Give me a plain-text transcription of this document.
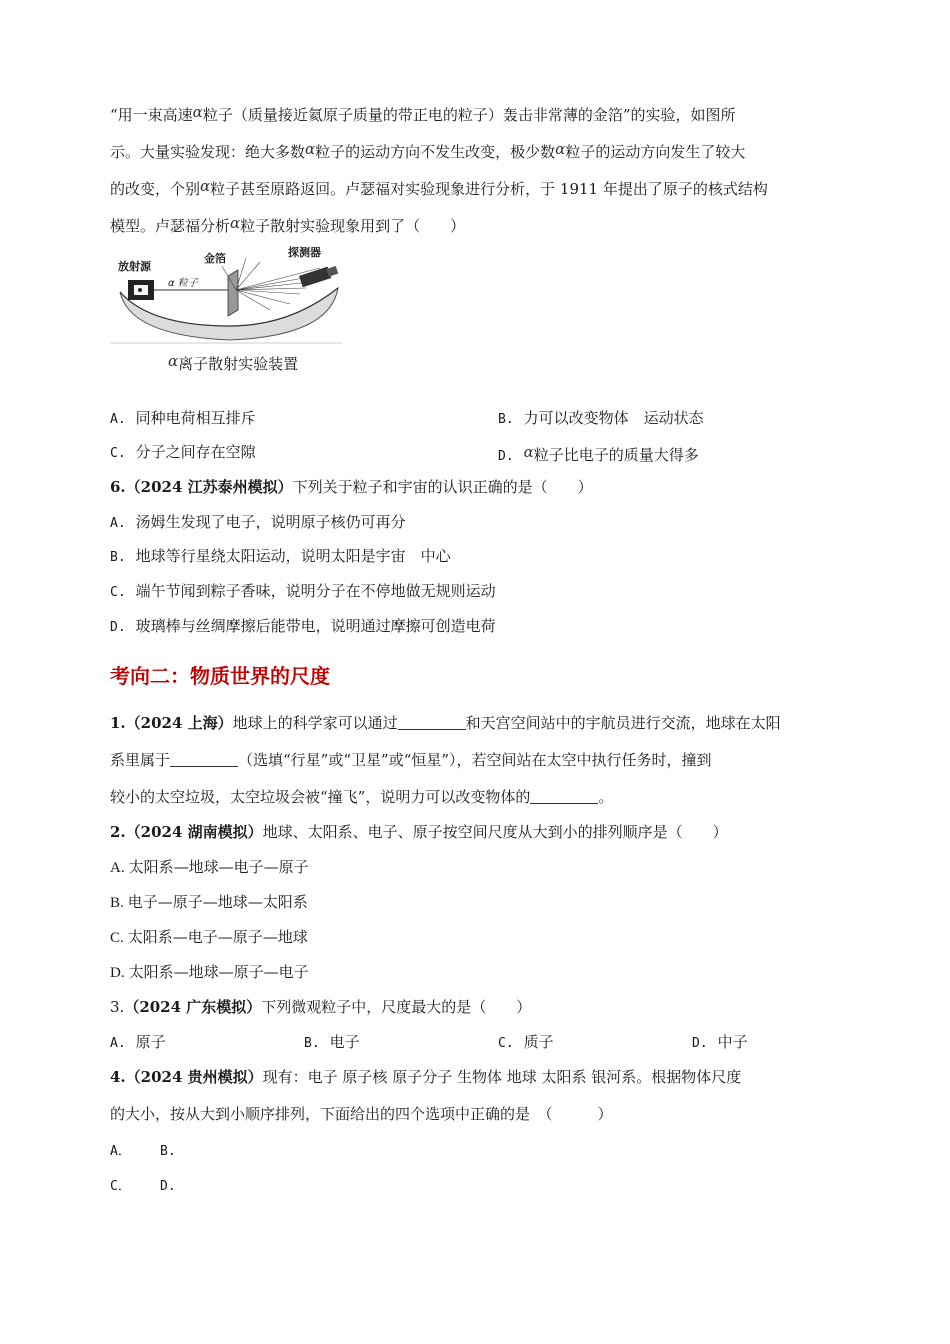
“用一束高速α粒子（质量接近氦原子质量的带正电的粒子）轰击非常薄的金箔”的实验，如图所
示。大量实验发现：绝大多数α粒子的运动方向不发生改变，极少数α粒子的运动方向发生了较大
的改变，个别α粒子甚至原路返回。卢瑟福对实验现象进行分析，于 1911 年提出了原子的核式结构
模型。卢瑟福分析α粒子散射实验现象用到了（　　）
放射源
α 粒子
金箔	探测器
α离子散射实验装置
A. 同种电荷相互排斥	B. 力可以改变物体　运动状态
C. 分子之间存在空隙	D. α粒子比电子的质量大得多
6.（2024 江苏泰州模拟）下列关于粒子和宇宙的认识正确的是（　　）
A. 汤姆生发现了电子，说明原子核仍可再分
B. 地球等行星绕太阳运动，说明太阳是宇宙　中心
C. 端午节闻到粽子香味，说明分子在不停地做无规则运动
D. 玻璃棒与丝绸摩擦后能带电，说明通过摩擦可创造电荷
考向二：物质世界的尺度
1.（2024 上海）地球上的科学家可以通过	和天宫空间站中的宇航员进行交流，地球在太阳
系里属于	（选填“行星”或“卫星”或“恒星”），若空间站在太空中执行任务时，撞到
较小的太空垃圾，太空垃圾会被“撞飞”，说明力可以改变物体的	。
2.（2024 湖南模拟）地球、太阳系、电子、原子按空间尺度从大到小的排列顺序是（　　）
A. 太阳系—地球—电子—原子
B. 电子—原子—地球—太阳系
C. 太阳系—电子—原子—地球
D. 太阳系—地球—原子—电子
3.（2024 广东模拟）下列微观粒子中，尺度最大的是（　　）
A. 原子	B. 电子	C. 质子	D. 中子
4.（2024 贵州模拟）现有：电子 原子核 原子分子 生物体 地球 太阳系 银河系。根据物体尺度
的大小，按从大到小顺序排列，下面给出的四个选项中正确的是　（　　　）
A．	B.
C．	D.
